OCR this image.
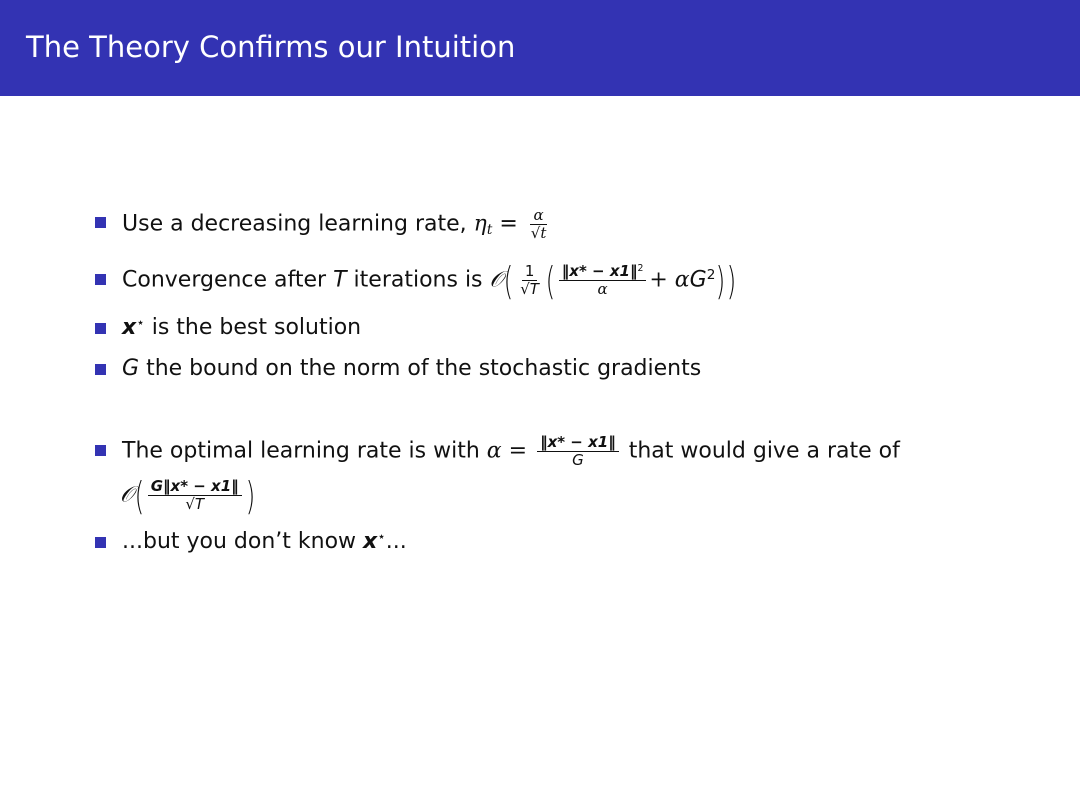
The Theory Confirms our Intuition
Use a decreasing learning rate, $\eta_t = \frac{\alpha}{√t}$
Convergence after T iterations is 𝒪( $\frac{1}{√T}$ ( $\frac{‖x* - x1‖^2}{\alpha} + \alpha G^2$))
x⋆ is the best solution
G the bound on the norm of the stochastic gradients
The optimal learning rate is with $\alpha = \frac{‖x* - x1‖}{G}$ that would give a rate of
𝒪( $\frac{G‖x* - x1‖}{√T}$ )
...but you don’t know x⋆...
